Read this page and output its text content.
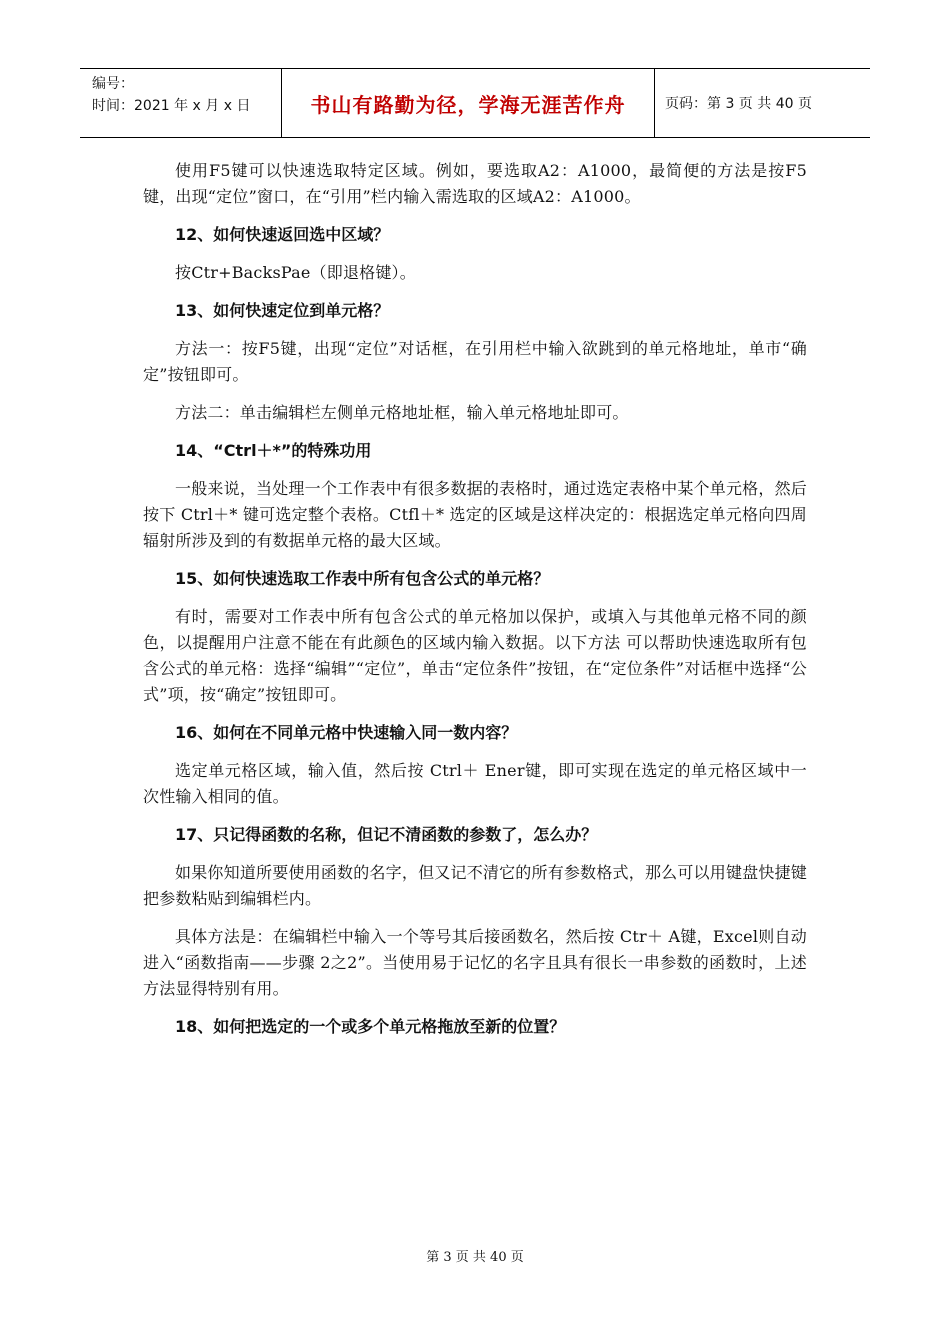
编号：
时间：2021 年 x 月 x 日	书山有路勤为径，学海无涯苦作舟	页码：第 3 页 共 40 页

使用F5键可以快速选取特定区域。例如，要选取A2：A1000，最简便的方法是按F5键，出现“定位”窗口，在“引用”栏内输入需选取的区域A2：A1000。

12、如何快速返回选中区域？

按Ctr+BacksPae（即退格键）。

13、如何快速定位到单元格？

方法一：按F5键，出现“定位”对话框，在引用栏中输入欲跳到的单元格地址，单市“确定”按钮即可。

方法二：单击编辑栏左侧单元格地址框，输入单元格地址即可。

14、“Ctrl＋*”的特殊功用

一般来说，当处理一个工作表中有很多数据的表格时，通过选定表格中某个单元格，然后按下 Ctrl＋* 键可选定整个表格。Ctfl＋* 选定的区域是这样决定的：根据选定单元格向四周辐射所涉及到的有数据单元格的最大区域。

15、如何快速选取工作表中所有包含公式的单元格？

有时，需要对工作表中所有包含公式的单元格加以保护，或填入与其他单元格不同的颜色，以提醒用户注意不能在有此颜色的区域内输入数据。以下方法 可以帮助快速选取所有包含公式的单元格：选择“编辑”“定位”，单击“定位条件”按钮，在“定位条件”对话框中选择“公式”项，按“确定”按钮即可。

16、如何在不同单元格中快速输入同一数内容？

选定单元格区域，输入值，然后按 Ctrl＋ Ener键，即可实现在选定的单元格区域中一次性输入相同的值。

17、只记得函数的名称，但记不清函数的参数了，怎么办？

如果你知道所要使用函数的名字，但又记不清它的所有参数格式，那么可以用键盘快捷键把参数粘贴到编辑栏内。

具体方法是：在编辑栏中输入一个等号其后接函数名，然后按 Ctr＋ A键，Excel则自动进入“函数指南——步骤 2之2”。当使用易于记忆的名字且具有很长一串参数的函数时，上述方法显得特别有用。

18、如何把选定的一个或多个单元格拖放至新的位置？

第 3 页 共 40 页
